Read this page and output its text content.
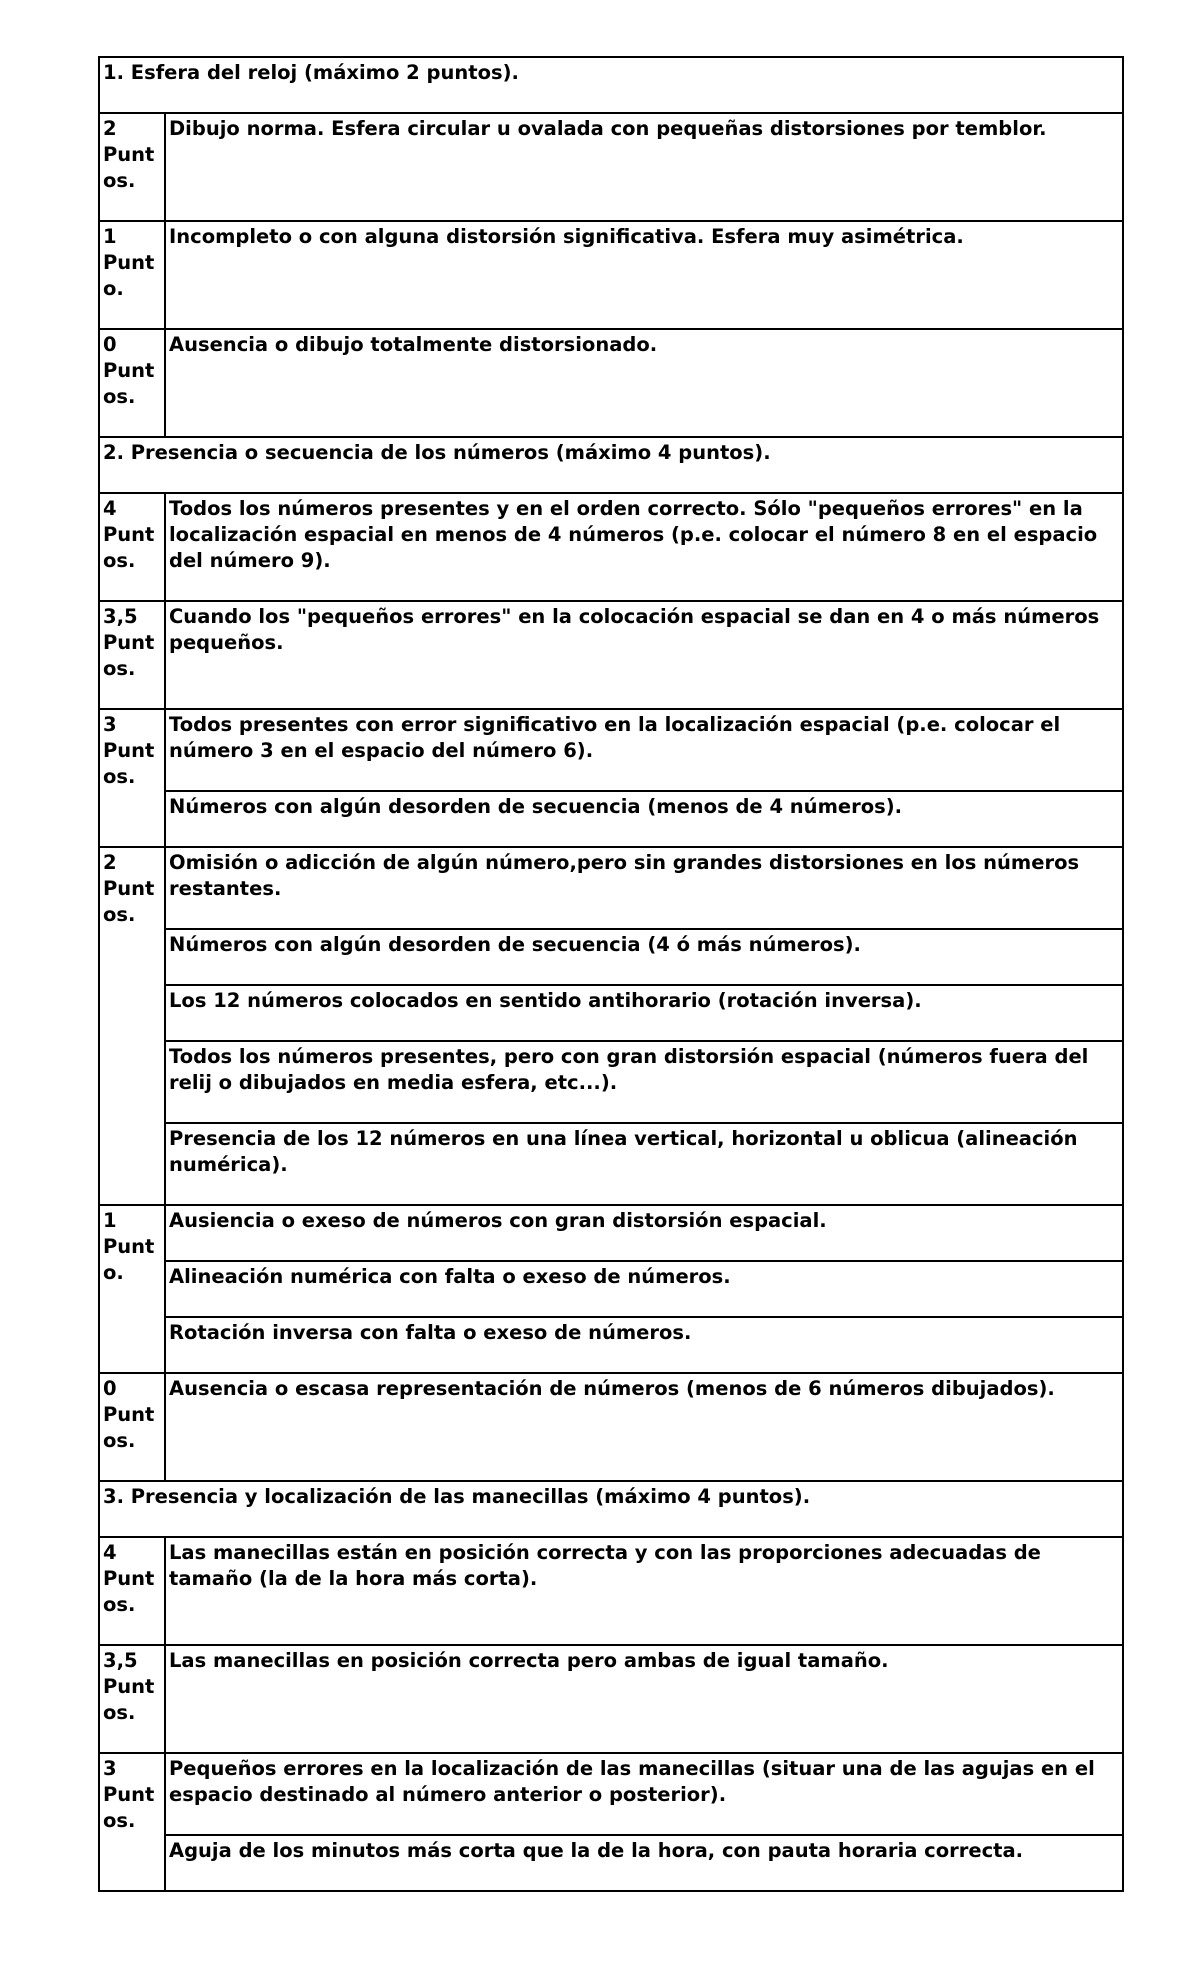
1. Esfera del reloj (máximo 2 puntos).	
2 Puntos.	Dibujo norma. Esfera circular u ovalada con pequeñas distorsiones por temblor.
1 Punto.	Incompleto o con alguna distorsión significativa. Esfera muy asimétrica.
0 Puntos.	Ausencia o dibujo totalmente distorsionado.
2. Presencia o secuencia de los números (máximo 4 puntos).	
4 Puntos.	Todos los números presentes y en el orden correcto. Sólo "pequeños errores" en la localización espacial en menos de 4 números (p.e. colocar el número 8 en el espacio del número 9).
3,5 Puntos.	Cuando los "pequeños errores" en la colocación espacial se dan en 4 o más números pequeños.
3 Puntos.	Todos presentes con error significativo en la localización espacial (p.e. colocar el número 3 en el espacio del número 6).
	Números con algún desorden de secuencia (menos de 4 números).
2 Puntos.	Omisión o adicción de algún número,pero sin grandes distorsiones en los números restantes.
	Números con algún desorden de secuencia (4 ó más números).
	Los 12 números colocados en sentido antihorario (rotación inversa).
	Todos los números presentes, pero con gran distorsión espacial (números fuera del relij o dibujados en media esfera, etc...).
	Presencia de los 12 números en una línea vertical, horizontal u oblicua (alineación numérica).
1 Punto.	Ausiencia o exeso de números con gran distorsión espacial.
	Alineación numérica con falta o exeso de números.
	Rotación inversa con falta o exeso de números.
0 Puntos.	Ausencia o escasa representación de números (menos de 6 números dibujados).
3. Presencia y localización de las manecillas (máximo 4 puntos).	
4 Puntos.	Las manecillas están en posición correcta y con las proporciones adecuadas de tamaño (la de la hora más corta).
3,5 Puntos.	Las manecillas en posición correcta pero ambas de igual tamaño.
3 Puntos.	Pequeños errores en la localización de las manecillas (situar una de las agujas en el espacio destinado al número anterior o posterior).
	Aguja de los minutos más corta que la de la hora, con pauta horaria correcta.
